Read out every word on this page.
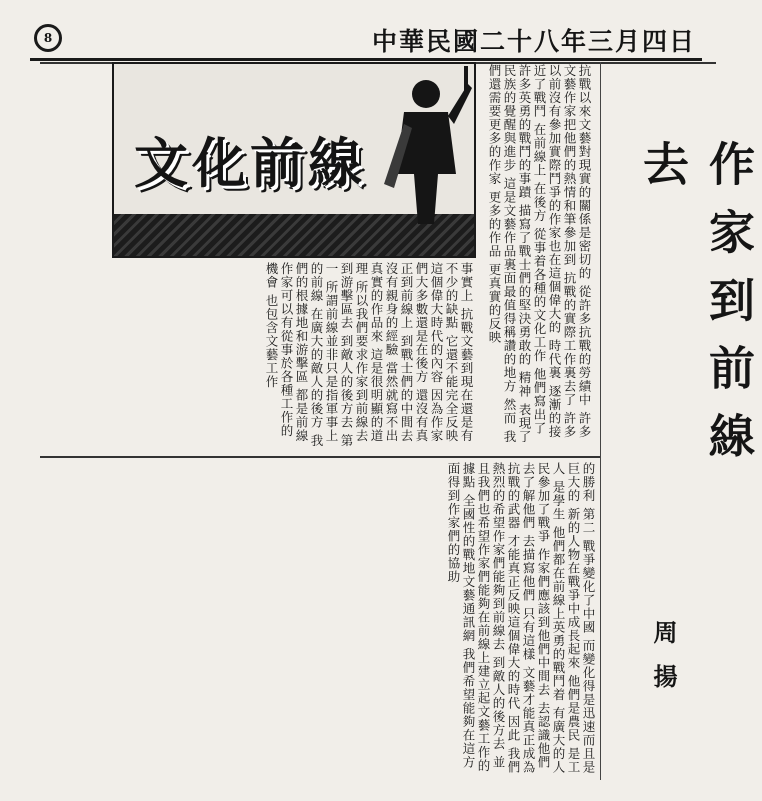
8	中華民國二十八年三月四日
作家到前線去
周揚
文化前線	抗戰以來文藝對現實的關係是密切的 從許多抗戰的勞績中 許多文藝作家把他們的熱情和筆參加到 抗戰的實際工作裏去了 許多以前沒有參加實際鬥爭的作家也在這個偉大的 時代裏 逐漸的接近了戰鬥 在前線上 在後方 從事着各種的文化工作 他們寫出了許多英勇的戰鬥的事蹟 描寫了戰士們的堅決勇敢的 精神 表現了民族的覺醒與進步 這是文藝作品裏面最值得稱讚的地方 然而 我們還需要更多的作家 更多的作品 更真實的反映
事實上 抗戰文藝到現在還是有不少的缺點 它還不能完全反映這個偉大時代的內容 因為作家們大多數還是在後方 還沒有真正到前線上 到戰士們的中間去 沒有親身的經驗 當然就寫不出真實的作品來 這是很明顯的道理 所以我們要求作家到前線去 到游擊區去 到敵人的後方去 第一 所謂前線並非只是指軍事上的前線 在廣大的敵人的後方 我們的根據地和游擊區 都是前線 作家可以有從事於各種工作的機會 也包含文藝工作
的勝利 第二 戰爭變化了中國 而變化得是迅速而且是巨大的 新的人物在戰爭中成長起來 他們是農民 是工人 是學生 他們都在前線上英勇的戰鬥着 有廣大的人民參加了戰爭 作家們應該到他們中間去 去認識他們 去了解他們 去描寫他們 只有這樣 文藝才能真正成為抗戰的武器 才能真正反映這個偉大的時代 因此 我們熱烈的希望作家們能夠到前線去 到敵人的後方去 並且我們也希望作家們能夠在前線上建立起文藝工作的據點 全國性的戰地文藝通訊網 我們希望能夠在這方面得到作家們的協助
